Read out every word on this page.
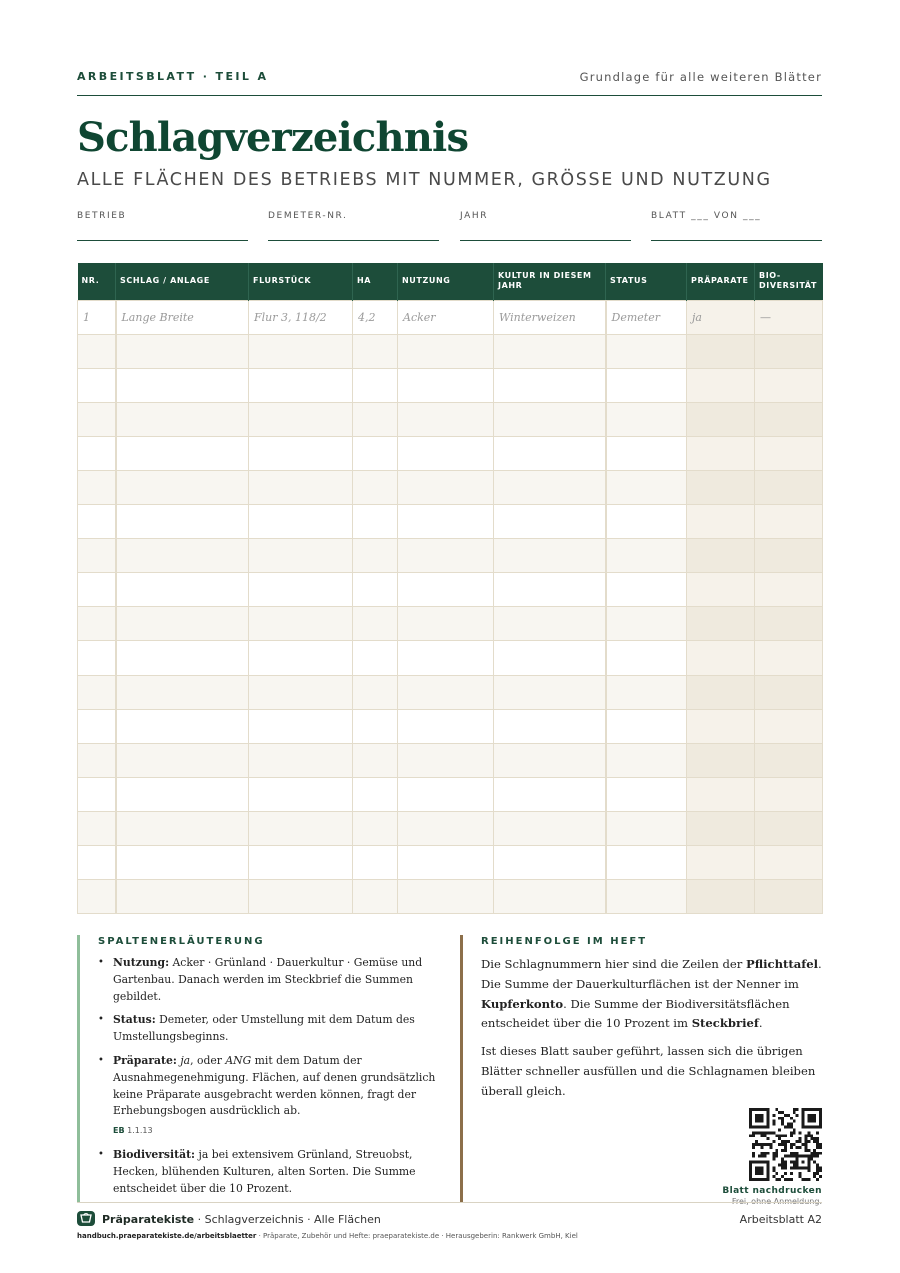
ARBEITSBLATT · TEIL A	Grundlage für alle weiteren Blätter
Schlagverzeichnis
ALLE FLÄCHEN DES BETRIEBS MIT NUMMER, GRÖSSE UND NUTZUNG
BETRIEB	DEMETER-NR.	JAHR	BLATT ___ VON ___
NR.	SCHLAG / ANLAGE	FLURSTÜCK	HA	NUTZUNG	KULTUR IN DIESEM JAHR	STATUS	PRÄPARATE	BIO-DIVERSITÄT
1	Lange Breite	Flur 3, 118/2	4,2	Acker	Winterweizen	Demeter	ja	—

SPALTENERLÄUTERUNG
• Nutzung: Acker · Grünland · Dauerkultur · Gemüse und Gartenbau. Danach werden im Steckbrief die Summen gebildet.
• Status: Demeter, oder Umstellung mit dem Datum des Umstellungsbeginns.
• Präparate: ja, oder ANG mit dem Datum der Ausnahmegenehmigung. Flächen, auf denen grundsätzlich keine Präparate ausgebracht werden können, fragt der Erhebungsbogen ausdrücklich ab.
EB 1.1.13
• Biodiversität: ja bei extensivem Grünland, Streuobst, Hecken, blühenden Kulturen, alten Sorten. Die Summe entscheidet über die 10 Prozent.
REIHENFOLGE IM HEFT

Die Schlagnummern hier sind die Zeilen der Pflichttafel. Die Summe der Dauerkulturflächen ist der Nenner im Kupferkonto. Die Summe der Biodiversitätsflächen entscheidet über die 10 Prozent im Steckbrief.

Ist dieses Blatt sauber geführt, lassen sich die übrigen Blätter schneller ausfüllen und die Schlagnamen bleiben überall gleich.

Blatt nachdrucken
Frei, ohne Anmeldung.
Präparatekiste · Schlagverzeichnis · Alle Flächen	Arbeitsblatt A2
handbuch.praeparatekiste.de/arbeitsblaetter · Präparate, Zubehör und Hefte: praeparatekiste.de · Herausgeberin: Rankwerk GmbH, Kiel
